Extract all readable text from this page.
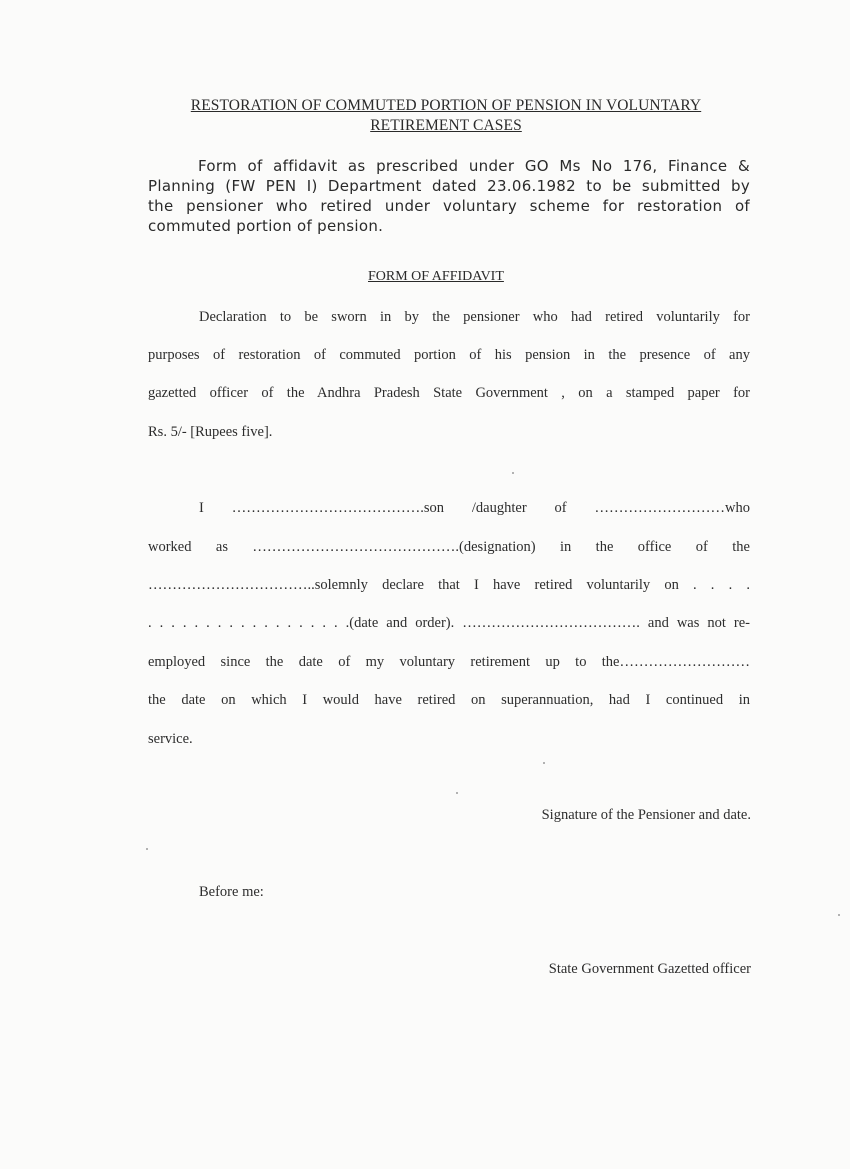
RESTORATION OF COMMUTED PORTION OF PENSION IN VOLUNTARY
RETIREMENT CASES
Form of affidavit as prescribed under GO Ms No 176, Finance &
Planning (FW PEN I) Department dated 23.06.1982 to be submitted by
the pensioner who retired under voluntary scheme for restoration of
commuted portion of pension.
FORM OF AFFIDAVIT
Declaration to be sworn in by the pensioner who had retired voluntarily for
purposes of restoration of commuted portion of his pension in the presence of any
gazetted officer of the Andhra Pradesh State Government , on a stamped paper for
Rs. 5/- [Rupees five].
I ………………………………….son /daughter of ………………………who
worked as …………………………………….(designation) in the office of the
……………………………..solemnly declare that I have retired voluntarily on . . . .
. . . . . . . . . . . . . . . . . .(date and order). ………………………………. and was not re-
employed since the date of my voluntary retirement up to the………………………
the date on which I would have retired on superannuation, had I continued in
service.
Signature of the Pensioner and date.
Before me:
State Government Gazetted officer
